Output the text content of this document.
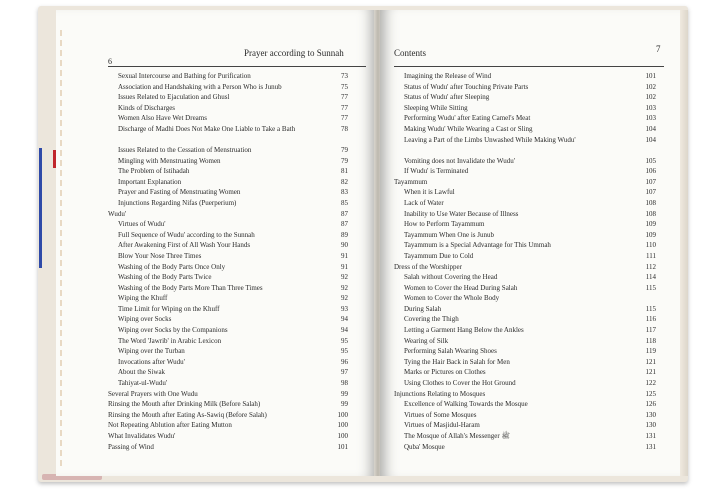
6
Prayer according to Sunnah
Sexual Intercourse and Bathing for Purification	73
Association and Handshaking with a Person Who is Junub	75
Issues Related to Ejaculation and Ghusl	77
Kinds of Discharges	77
Women Also Have Wet Dreams	77
Discharge of Madhi Does Not Make One Liable to Take a Bath	78
Issues Related to the Cessation of Menstruation	79
Mingling with Menstruating Women	79
The Problem of Istihadah	81
Important Explanation	82
Prayer and Fasting of Menstruating Women	83
Injunctions Regarding Nifas (Puerperium)	85
Wudu'	87
Virtues of Wudu'	87
Full Sequence of Wudu' according to the Sunnah	89
After Awakening First of All Wash Your Hands	90
Blow Your Nose Three Times	91
Washing of the Body Parts Once Only	91
Washing of the Body Parts Twice	92
Washing of the Body Parts More Than Three Times	92
Wiping the Khuff	92
Time Limit for Wiping on the Khuff	93
Wiping over Socks	94
Wiping over Socks by the Companions	94
The Word 'Jawrib' in Arabic Lexicon	95
Wiping over the Turban	95
Invocations after Wudu'	96
About the Siwak	97
Tahiyat-ul-Wudu'	98
Several Prayers with One Wudu	99
Rinsing the Mouth after Drinking Milk (Before Salah)	99
Rinsing the Mouth after Eating As-Sawiq (Before Salah)	100
Not Repeating Ablution after Eating Mutton	100
What Invalidates Wudu'	100
Passing of Wind	101
Contents	7
Imagining the Release of Wind	101
Status of Wudu' after Touching Private Parts	102
Status of Wudu' after Sleeping	102
Sleeping While Sitting	103
Performing Wudu' after Eating Camel's Meat	103
Making Wudu' While Wearing a Cast or Sling	104
Leaving a Part of the Limbs Unwashed While Making Wudu'	104
Vomiting does not Invalidate the Wudu'	105
If Wudu' is Terminated	106
Tayammum	107
When it is Lawful	107
Lack of Water	108
Inability to Use Water Because of Illness	108
How to Perform Tayammum	109
Tayammum When One is Junub	109
Tayammum is a Special Advantage for This Ummah	110
Tayammum Due to Cold	111
Dress of the Worshipper	112
Salah without Covering the Head	114
Women to Cover the Head During Salah	115
Women to Cover the Whole Body
During Salah	115
Covering the Thigh	116
Letting a Garment Hang Below the Ankles	117
Wearing of Silk	118
Performing Salah Wearing Shoes	119
Tying the Hair Back in Salah for Men	121
Marks or Pictures on Clothes	121
Using Clothes to Cover the Hot Ground	122
Injunctions Relating to Mosques	125
Excellence of Walking Towards the Mosque	126
Virtues of Some Mosques	130
Virtues of Masjidul-Haram	130
The Mosque of Allah's Messenger ﷺ	131
Quba' Mosque	131
